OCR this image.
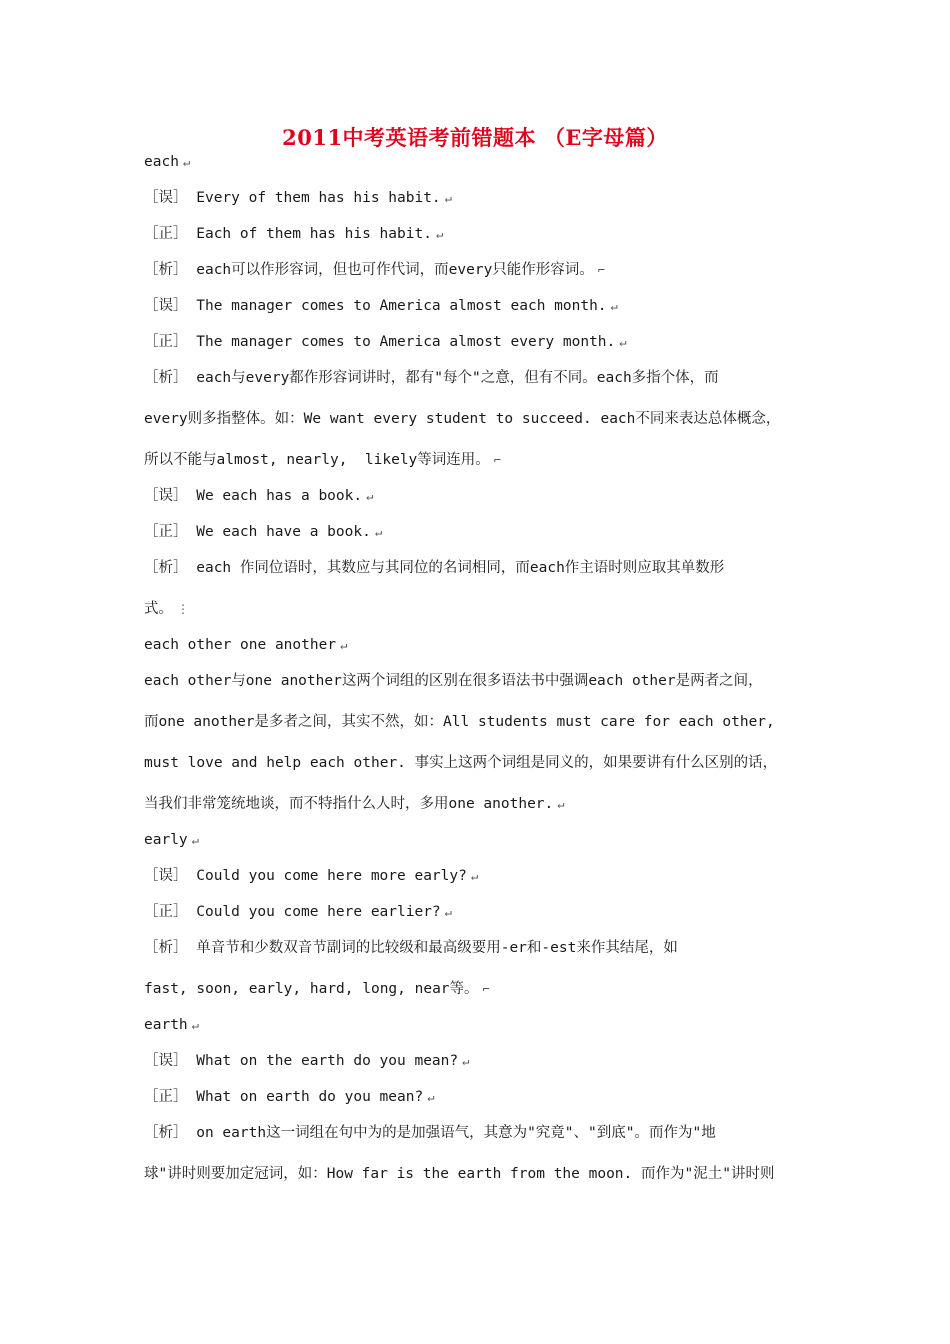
2011中考英语考前错题本 （E字母篇）
each ↵
［误］ Every of them has his habit. ↵
［正］ Each of them has his habit. ↵
［析］ each可以作形容词，但也可作代词，而every只能作形容词。 ⌐
［误］ The manager comes to America almost each month. ↵
［正］ The manager comes to America almost every month. ↵
［析］ each与every都作形容词讲时，都有"每个"之意，但有不同。each多指个体，而
every则多指整体。如：We want every student to succeed. each不同来表达总体概念，
所以不能与almost, nearly,  likely等词连用。 ⌐
［误］ We each has a book. ↵
［正］ We each have a book. ↵
［析］ each 作同位语时，其数应与其同位的名词相同，而each作主语时则应取其单数形
式。 ⋮
each other one another ↵
each other与one another这两个词组的区别在很多语法书中强调each other是两者之间，
而one another是多者之间，其实不然，如：All students must care for each other,
must love and help each other. 事实上这两个词组是同义的，如果要讲有什么区别的话，
当我们非常笼统地谈，而不特指什么人时，多用one another. ↵
early ↵
［误］ Could you come here more early? ↵
［正］ Could you come here earlier? ↵
［析］ 单音节和少数双音节副词的比较级和最高级要用-er和-est来作其结尾，如
fast, soon, early, hard, long, near等。 ⌐
earth ↵
［误］ What on the earth do you mean? ↵
［正］ What on earth do you mean? ↵
［析］ on earth这一词组在句中为的是加强语气，其意为"究竟"、"到底"。而作为"地
球"讲时则要加定冠词，如：How far is the earth from the moon. 而作为"泥土"讲时则
